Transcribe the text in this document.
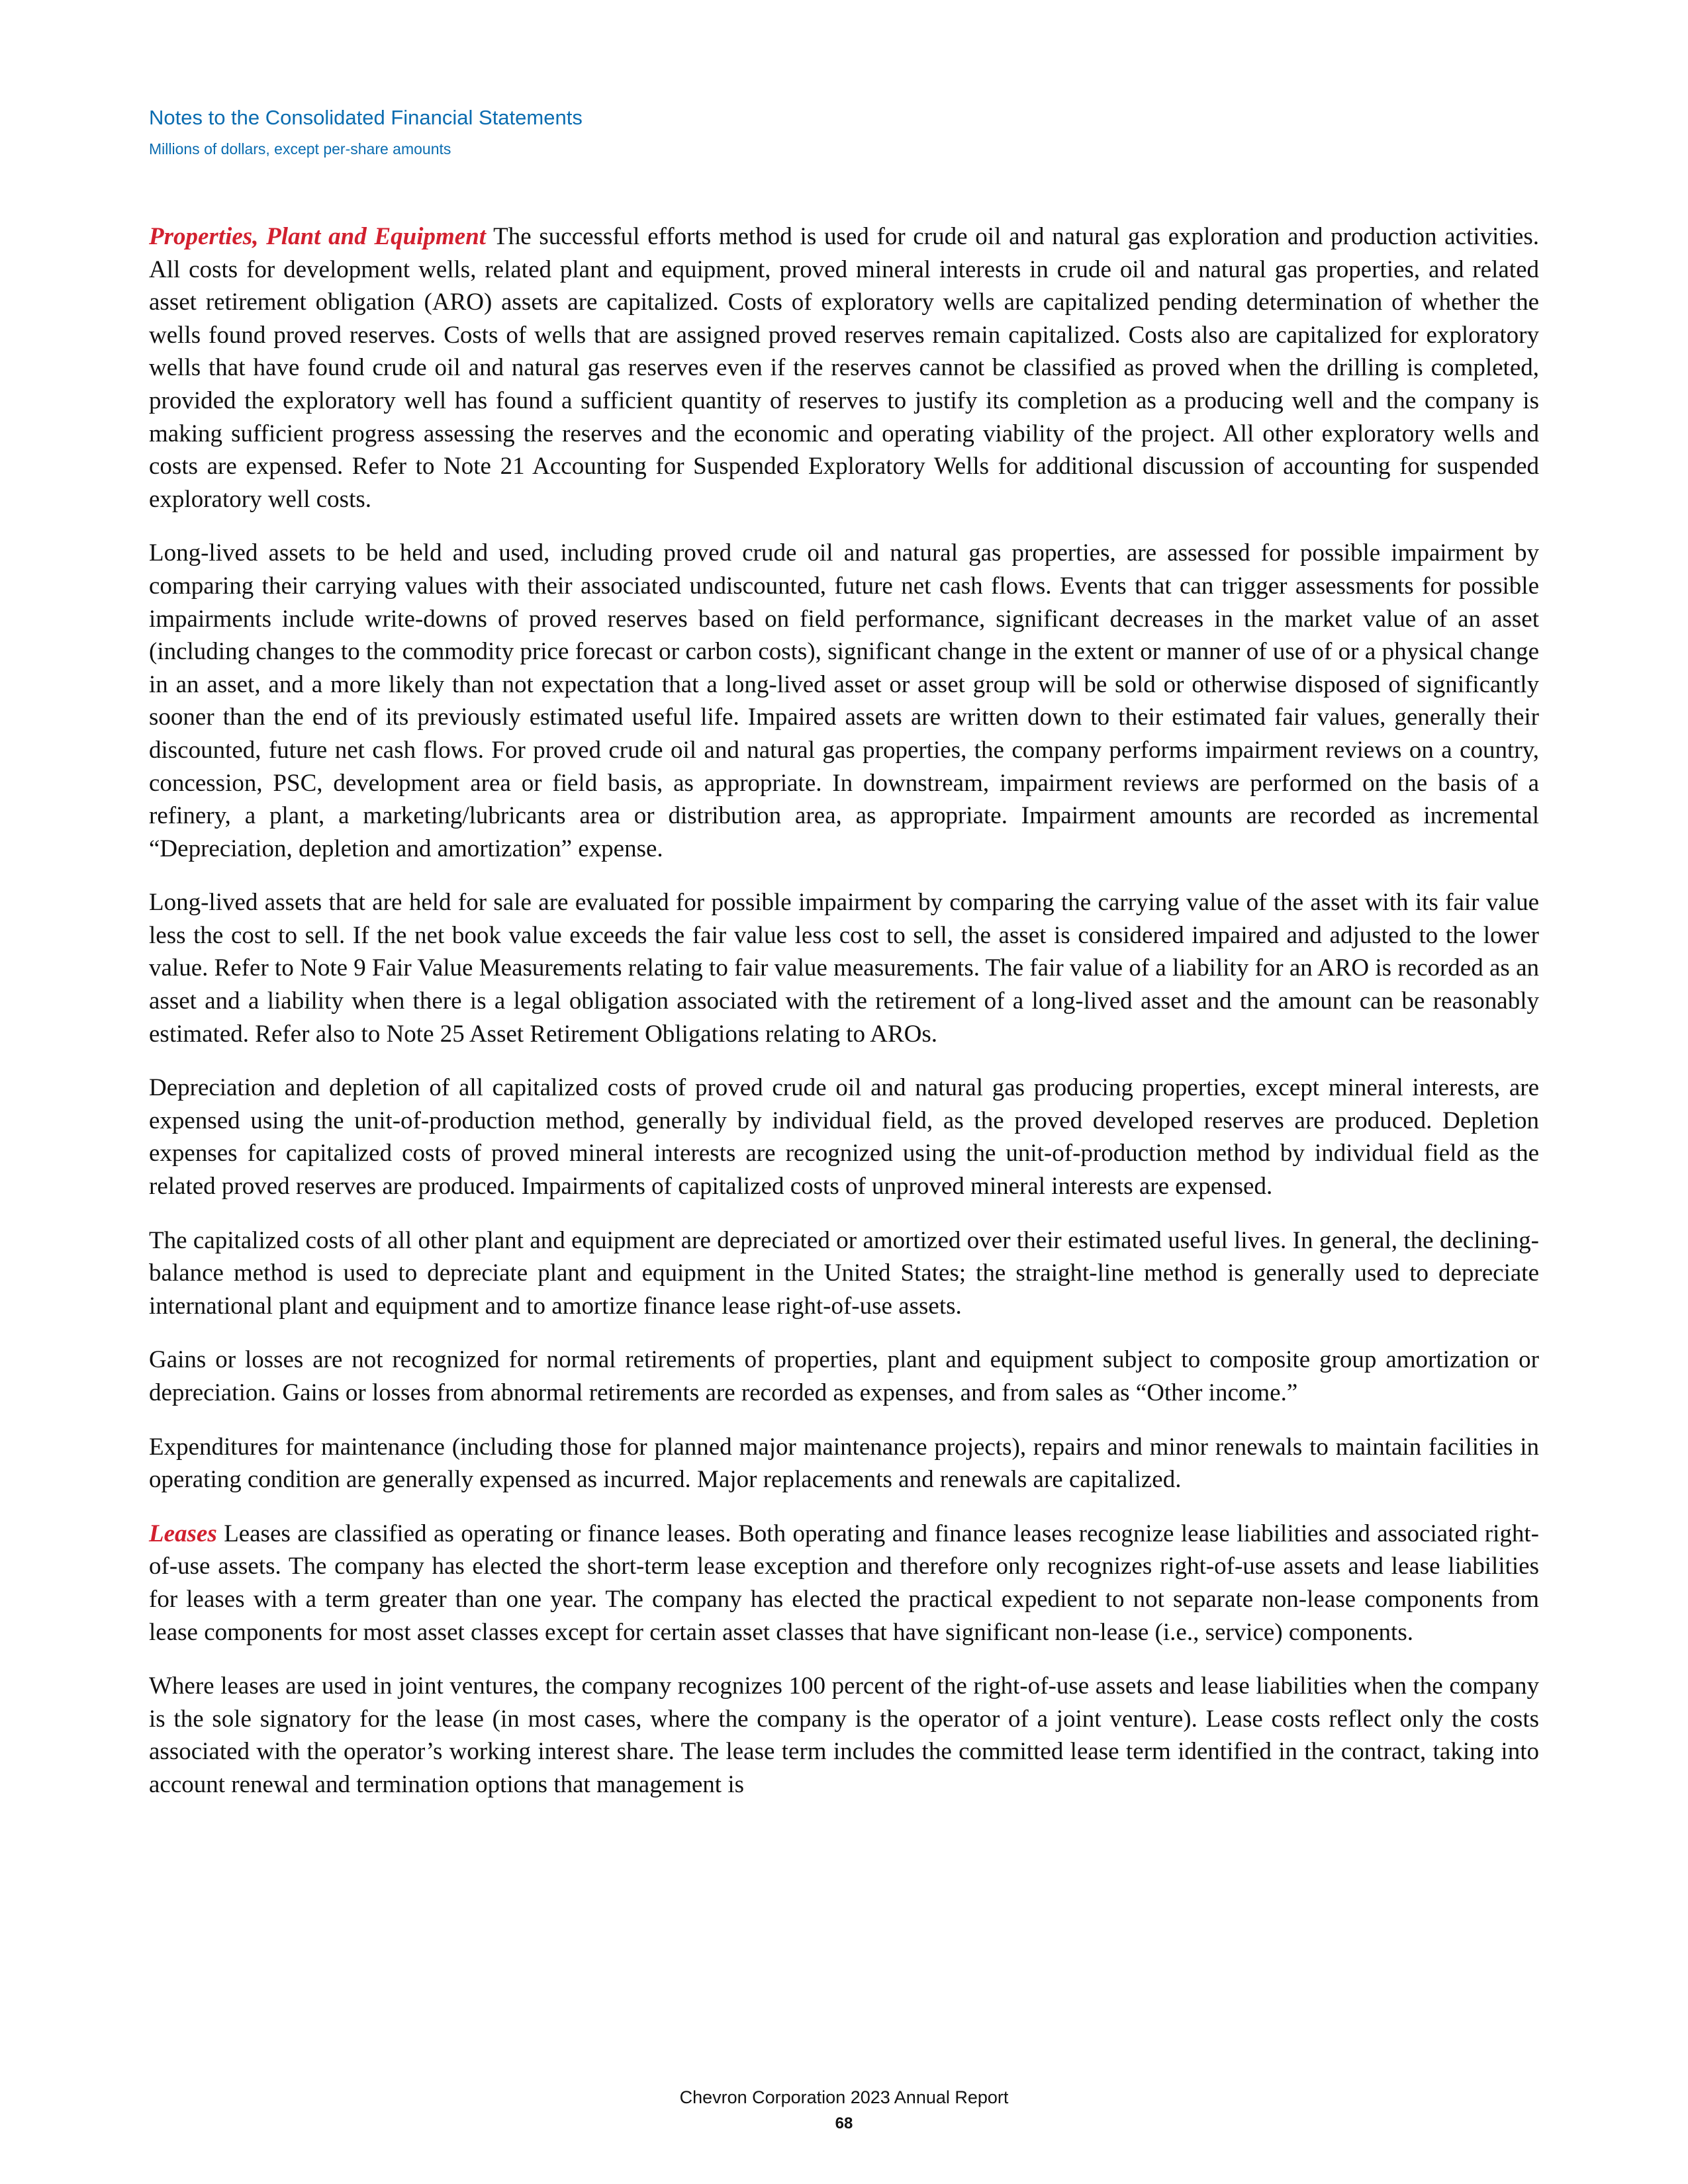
Notes to the Consolidated Financial Statements

Millions of dollars, except per-share amounts

Properties, Plant and Equipment The successful efforts method is used for crude oil and natural gas exploration and production activities. All costs for development wells, related plant and equipment, proved mineral interests in crude oil and natural gas properties, and related asset retirement obligation (ARO) assets are capitalized. Costs of exploratory wells are capitalized pending determination of whether the wells found proved reserves. Costs of wells that are assigned proved reserves remain capitalized. Costs also are capitalized for exploratory wells that have found crude oil and natural gas reserves even if the reserves cannot be classified as proved when the drilling is completed, provided the exploratory well has found a sufficient quantity of reserves to justify its completion as a producing well and the company is making sufficient progress assessing the reserves and the economic and operating viability of the project. All other exploratory wells and costs are expensed. Refer to Note 21 Accounting for Suspended Exploratory Wells for additional discussion of accounting for suspended exploratory well costs.

Long-lived assets to be held and used, including proved crude oil and natural gas properties, are assessed for possible impairment by comparing their carrying values with their associated undiscounted, future net cash flows. Events that can trigger assessments for possible impairments include write-downs of proved reserves based on field performance, significant decreases in the market value of an asset (including changes to the commodity price forecast or carbon costs), significant change in the extent or manner of use of or a physical change in an asset, and a more likely than not expectation that a long-lived asset or asset group will be sold or otherwise disposed of significantly sooner than the end of its previously estimated useful life. Impaired assets are written down to their estimated fair values, generally their discounted, future net cash flows. For proved crude oil and natural gas properties, the company performs impairment reviews on a country, concession, PSC, development area or field basis, as appropriate. In downstream, impairment reviews are performed on the basis of a refinery, a plant, a marketing/lubricants area or distribution area, as appropriate. Impairment amounts are recorded as incremental “Depreciation, depletion and amortization” expense.

Long-lived assets that are held for sale are evaluated for possible impairment by comparing the carrying value of the asset with its fair value less the cost to sell. If the net book value exceeds the fair value less cost to sell, the asset is considered impaired and adjusted to the lower value. Refer to Note 9 Fair Value Measurements relating to fair value measurements. The fair value of a liability for an ARO is recorded as an asset and a liability when there is a legal obligation associated with the retirement of a long-lived asset and the amount can be reasonably estimated. Refer also to Note 25 Asset Retirement Obligations relating to AROs.

Depreciation and depletion of all capitalized costs of proved crude oil and natural gas producing properties, except mineral interests, are expensed using the unit-of-production method, generally by individual field, as the proved developed reserves are produced. Depletion expenses for capitalized costs of proved mineral interests are recognized using the unit-of-production method by individual field as the related proved reserves are produced. Impairments of capitalized costs of unproved mineral interests are expensed.

The capitalized costs of all other plant and equipment are depreciated or amortized over their estimated useful lives. In general, the declining-balance method is used to depreciate plant and equipment in the United States; the straight-line method is generally used to depreciate international plant and equipment and to amortize finance lease right-of-use assets.

Gains or losses are not recognized for normal retirements of properties, plant and equipment subject to composite group amortization or depreciation. Gains or losses from abnormal retirements are recorded as expenses, and from sales as “Other income.”

Expenditures for maintenance (including those for planned major maintenance projects), repairs and minor renewals to maintain facilities in operating condition are generally expensed as incurred. Major replacements and renewals are capitalized.

Leases Leases are classified as operating or finance leases. Both operating and finance leases recognize lease liabilities and associated right-of-use assets. The company has elected the short-term lease exception and therefore only recognizes right-of-use assets and lease liabilities for leases with a term greater than one year. The company has elected the practical expedient to not separate non-lease components from lease components for most asset classes except for certain asset classes that have significant non-lease (i.e., service) components.

Where leases are used in joint ventures, the company recognizes 100 percent of the right-of-use assets and lease liabilities when the company is the sole signatory for the lease (in most cases, where the company is the operator of a joint venture). Lease costs reflect only the costs associated with the operator’s working interest share. The lease term includes the committed lease term identified in the contract, taking into account renewal and termination options that management is

Chevron Corporation 2023 Annual Report

68
